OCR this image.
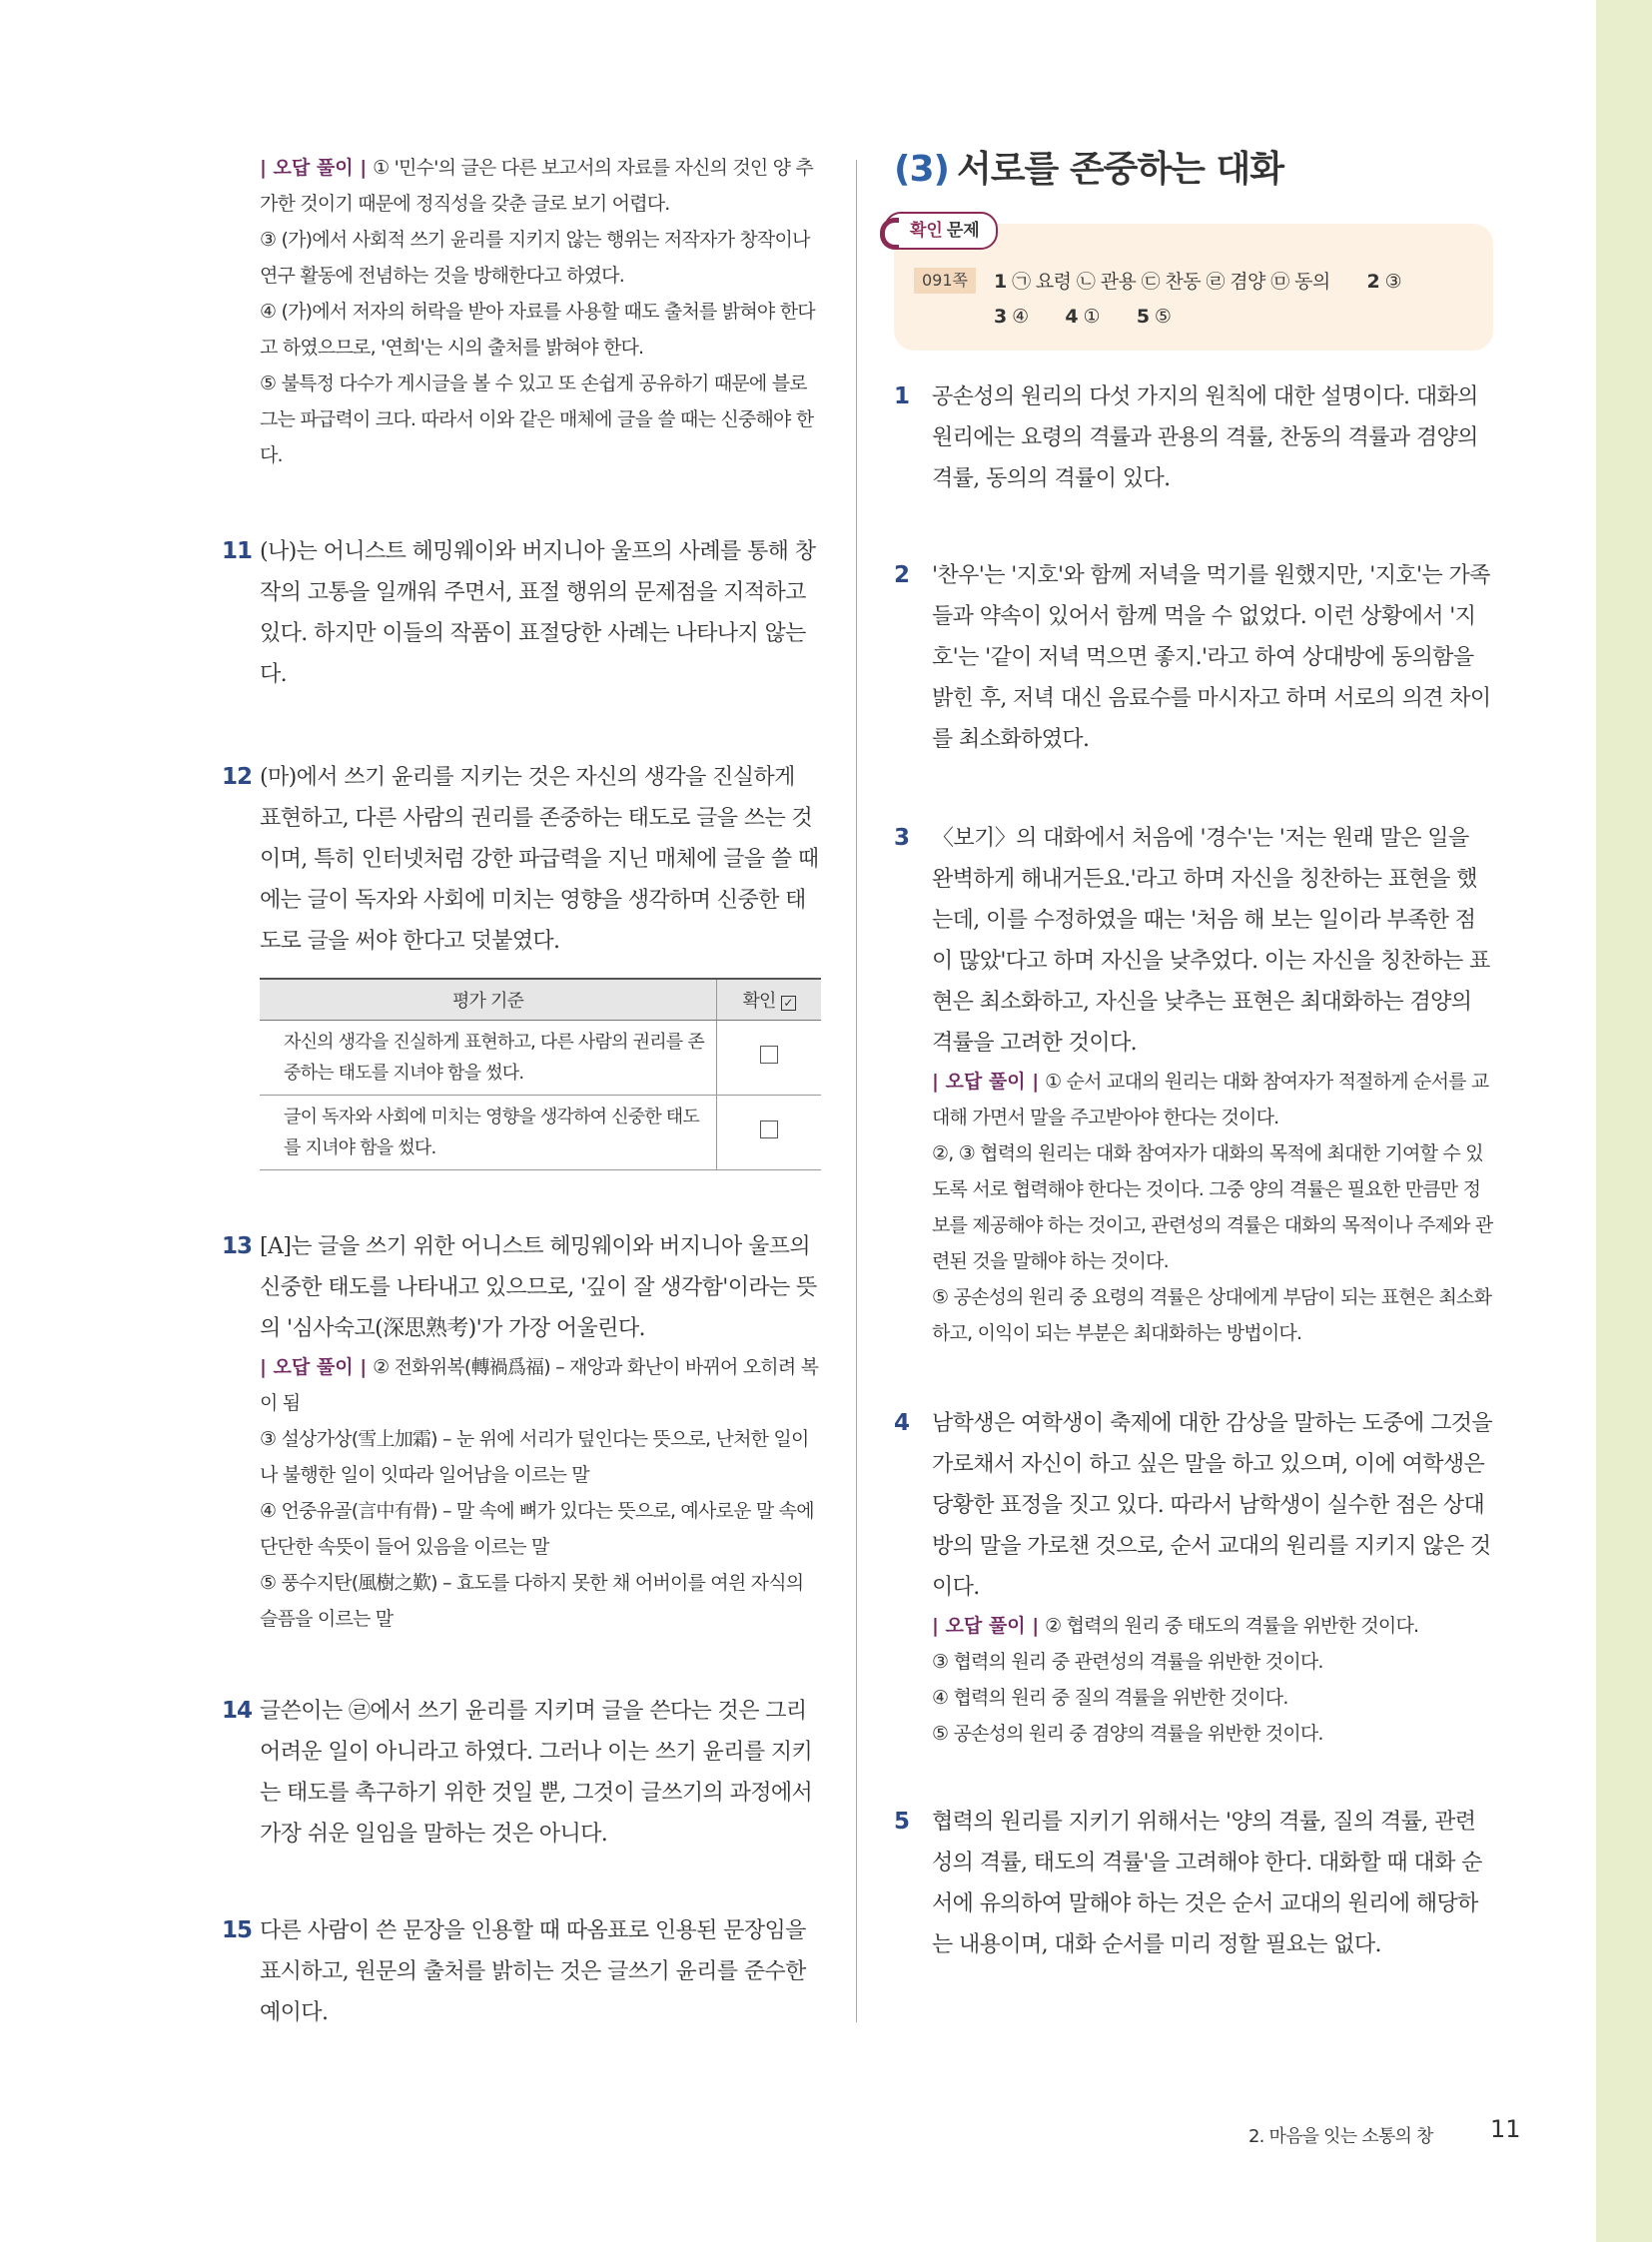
| 오답 풀이 | ① '민수'의 글은 다른 보고서의 자료를 자신의 것인 양 추가한 것이기 때문에 정직성을 갖춘 글로 보기 어렵다.

③ (가)에서 사회적 쓰기 윤리를 지키지 않는 행위는 저작자가 창작이나 연구 활동에 전념하는 것을 방해한다고 하였다.

④ (가)에서 저자의 허락을 받아 자료를 사용할 때도 출처를 밝혀야 한다고 하였으므로, '연희'는 시의 출처를 밝혀야 한다.

⑤ 불특정 다수가 게시글을 볼 수 있고 또 손쉽게 공유하기 때문에 블로그는 파급력이 크다. 따라서 이와 같은 매체에 글을 쓸 때는 신중해야 한다.

11 (나)는 어니스트 헤밍웨이와 버지니아 울프의 사례를 통해 창작의 고통을 일깨워 주면서, 표절 행위의 문제점을 지적하고 있다. 하지만 이들의 작품이 표절당한 사례는 나타나지 않는다.
12 (마)에서 쓰기 윤리를 지키는 것은 자신의 생각을 진실하게 표현하고, 다른 사람의 권리를 존중하는 태도로 글을 쓰는 것이며, 특히 인터넷처럼 강한 파급력을 지닌 매체에 글을 쓸 때에는 글이 독자와 사회에 미치는 영향을 생각하며 신중한 태도로 글을 써야 한다고 덧붙였다.
평가 기준	확인 ✓
자신의 생각을 진실하게 표현하고, 다른 사람의 권리를 존중하는 태도를 지녀야 함을 썼다.	
글이 독자와 사회에 미치는 영향을 생각하여 신중한 태도를 지녀야 함을 썼다.	
13 [A]는 글을 쓰기 위한 어니스트 헤밍웨이와 버지니아 울프의 신중한 태도를 나타내고 있으므로, '깊이 잘 생각함'이라는 뜻의 '심사숙고(深思熟考)'가 가장 어울린다.

| 오답 풀이 | ② 전화위복(轉禍爲福) – 재앙과 화난이 바뀌어 오히려 복이 됨

③ 설상가상(雪上加霜) – 눈 위에 서리가 덮인다는 뜻으로, 난처한 일이나 불행한 일이 잇따라 일어남을 이르는 말

④ 언중유골(言中有骨) – 말 속에 뼈가 있다는 뜻으로, 예사로운 말 속에 단단한 속뜻이 들어 있음을 이르는 말

⑤ 풍수지탄(風樹之歎) – 효도를 다하지 못한 채 어버이를 여읜 자식의 슬픔을 이르는 말

14 글쓴이는 ㉣에서 쓰기 윤리를 지키며 글을 쓴다는 것은 그리 어려운 일이 아니라고 하였다. 그러나 이는 쓰기 윤리를 지키는 태도를 촉구하기 위한 것일 뿐, 그것이 글쓰기의 과정에서 가장 쉬운 일임을 말하는 것은 아니다.
15 다른 사람이 쓴 문장을 인용할 때 따옴표로 인용된 문장임을 표시하고, 원문의 출처를 밝히는 것은 글쓰기 윤리를 준수한 예이다.
(3) 서로를 존중하는 대화
확인 문제
091쪽	1 ㉠ 요령 ㉡ 관용 ㉢ 찬동 ㉣ 겸양 ㉤ 동의 2 ③
3 ④ 4 ① 5 ⑤
1 공손성의 원리의 다섯 가지의 원칙에 대한 설명이다. 대화의 원리에는 요령의 격률과 관용의 격률, 찬동의 격률과 겸양의 격률, 동의의 격률이 있다.
2 '찬우'는 '지호'와 함께 저녁을 먹기를 원했지만, '지호'는 가족들과 약속이 있어서 함께 먹을 수 없었다. 이런 상황에서 '지호'는 '같이 저녁 먹으면 좋지.'라고 하여 상대방에 동의함을 밝힌 후, 저녁 대신 음료수를 마시자고 하며 서로의 의견 차이를 최소화하였다.
3 〈보기〉의 대화에서 처음에 '경수'는 '저는 원래 말은 일을 완벽하게 해내거든요.'라고 하며 자신을 칭찬하는 표현을 했는데, 이를 수정하였을 때는 '처음 해 보는 일이라 부족한 점이 많았'다고 하며 자신을 낮추었다. 이는 자신을 칭찬하는 표현은 최소화하고, 자신을 낮추는 표현은 최대화하는 겸양의 격률을 고려한 것이다.

| 오답 풀이 | ① 순서 교대의 원리는 대화 참여자가 적절하게 순서를 교대해 가면서 말을 주고받아야 한다는 것이다.

②, ③ 협력의 원리는 대화 참여자가 대화의 목적에 최대한 기여할 수 있도록 서로 협력해야 한다는 것이다. 그중 양의 격률은 필요한 만큼만 정보를 제공해야 하는 것이고, 관련성의 격률은 대화의 목적이나 주제와 관련된 것을 말해야 하는 것이다.

⑤ 공손성의 원리 중 요령의 격률은 상대에게 부담이 되는 표현은 최소화하고, 이익이 되는 부분은 최대화하는 방법이다.

4 남학생은 여학생이 축제에 대한 감상을 말하는 도중에 그것을 가로채서 자신이 하고 싶은 말을 하고 있으며, 이에 여학생은 당황한 표정을 짓고 있다. 따라서 남학생이 실수한 점은 상대방의 말을 가로챈 것으로, 순서 교대의 원리를 지키지 않은 것이다.

| 오답 풀이 | ② 협력의 원리 중 태도의 격률을 위반한 것이다.

③ 협력의 원리 중 관련성의 격률을 위반한 것이다.

④ 협력의 원리 중 질의 격률을 위반한 것이다.

⑤ 공손성의 원리 중 겸양의 격률을 위반한 것이다.

5 협력의 원리를 지키기 위해서는 '양의 격률, 질의 격률, 관련성의 격률, 태도의 격률'을 고려해야 한다. 대화할 때 대화 순서에 유의하여 말해야 하는 것은 순서 교대의 원리에 해당하는 내용이며, 대화 순서를 미리 정할 필요는 없다.
2. 마음을 잇는 소통의 창 11
